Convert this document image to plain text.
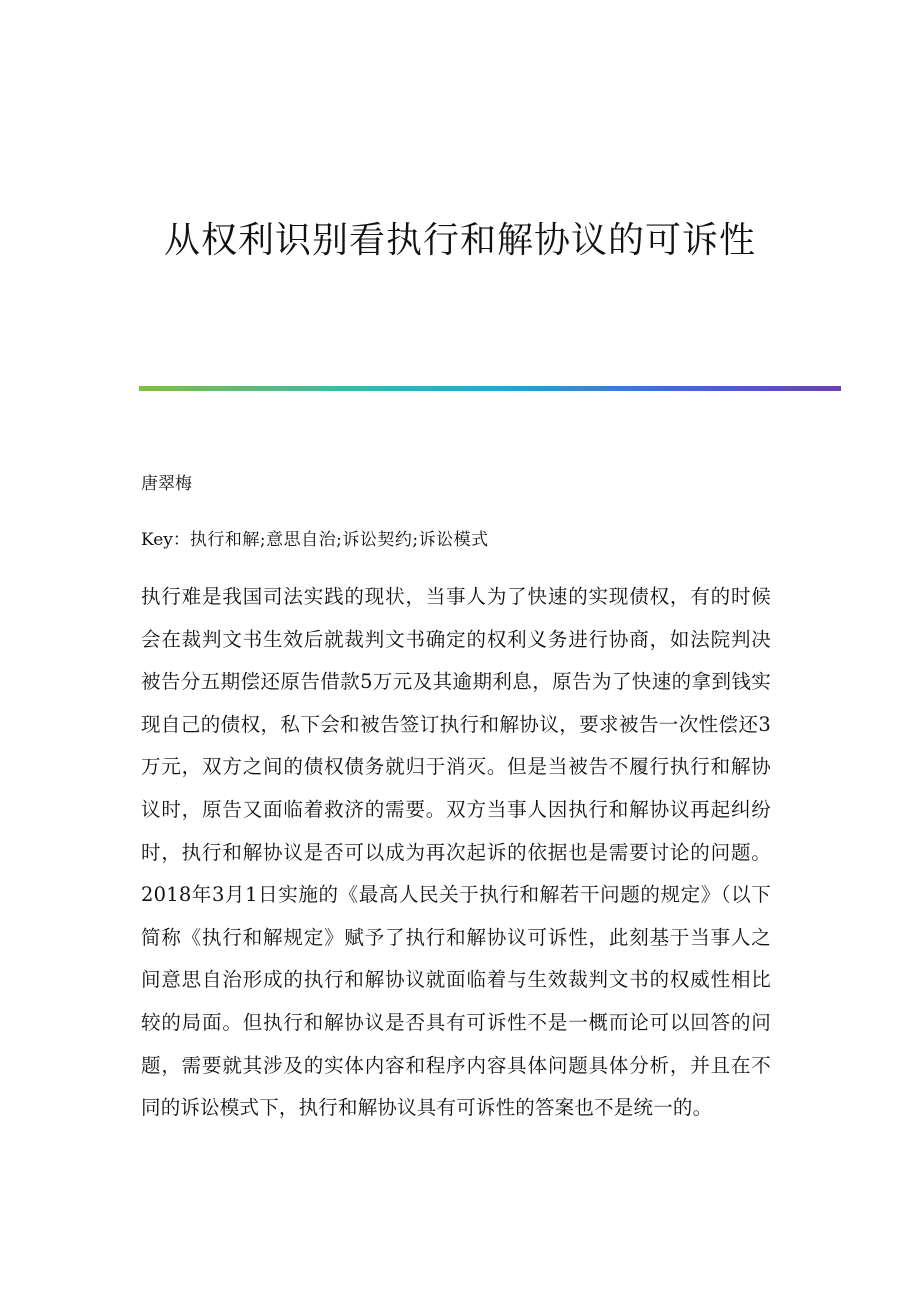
从权利识别看执行和解协议的可诉性

唐翠梅

Key：执行和解;意思自治;诉讼契约;诉讼模式

执行难是我国司法实践的现状，当事人为了快速的实现债权，有的时候会在裁判文书生效后就裁判文书确定的权利义务进行协商，如法院判决被告分五期偿还原告借款5万元及其逾期利息，原告为了快速的拿到钱实现自己的债权，私下会和被告签订执行和解协议，要求被告一次性偿还3万元，双方之间的债权债务就归于消灭。但是当被告不履行执行和解协议时，原告又面临着救济的需要。双方当事人因执行和解协议再起纠纷时，执行和解协议是否可以成为再次起诉的依据也是需要讨论的问题。2018年3月1日实施的《最高人民关于执行和解若干问题的规定》（以下简称《执行和解规定》赋予了执行和解协议可诉性，此刻基于当事人之间意思自治形成的执行和解协议就面临着与生效裁判文书的权威性相比较的局面。但执行和解协议是否具有可诉性不是一概而论可以回答的问题，需要就其涉及的实体内容和程序内容具体问题具体分析，并且在不同的诉讼模式下，执行和解协议具有可诉性的答案也不是统一的。
